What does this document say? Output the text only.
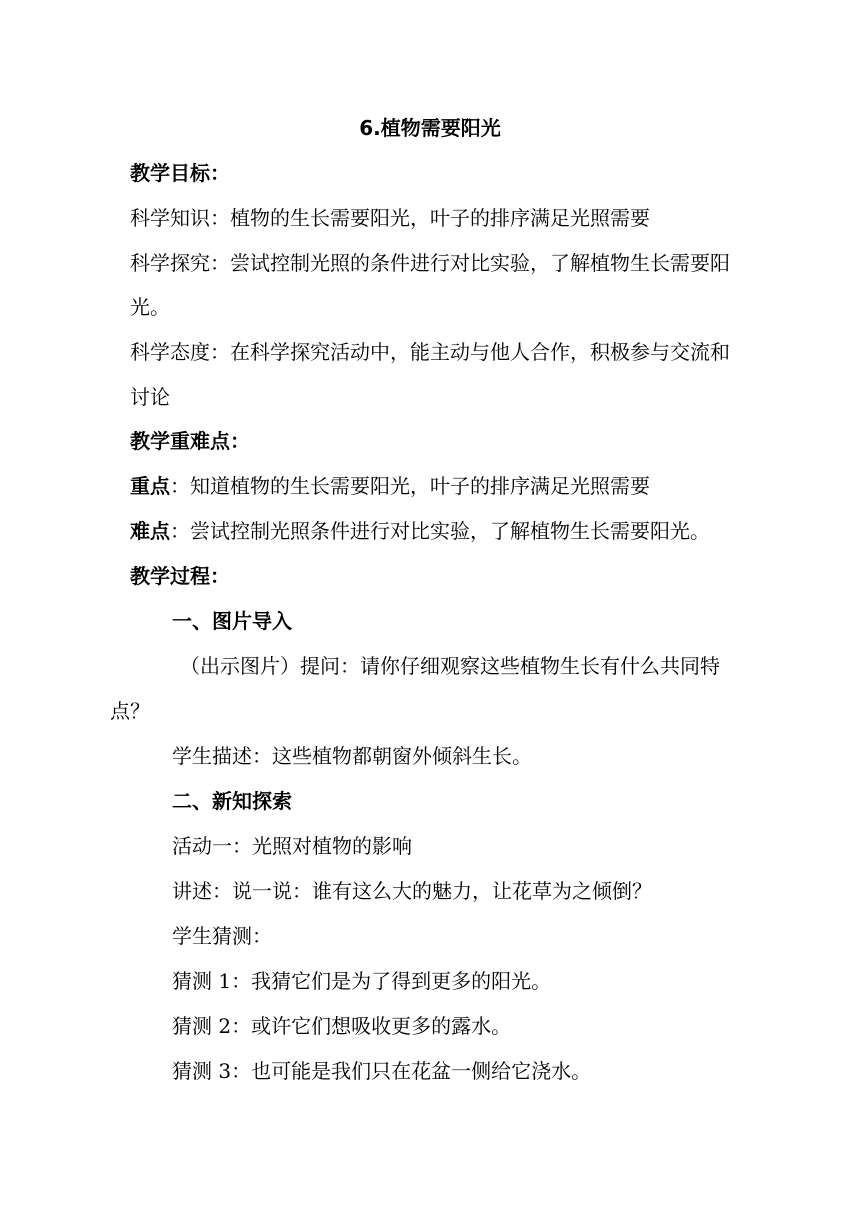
6.植物需要阳光
教学目标：
科学知识：植物的生长需要阳光，叶子的排序满足光照需要
科学探究：尝试控制光照的条件进行对比实验，了解植物生长需要阳
光。
科学态度：在科学探究活动中，能主动与他人合作，积极参与交流和
讨论
教学重难点：
重点：知道植物的生长需要阳光，叶子的排序满足光照需要
难点：尝试控制光照条件进行对比实验，了解植物生长需要阳光。
教学过程：
一、图片导入
（出示图片）提问：请你仔细观察这些植物生长有什么共同特
点？
学生描述：这些植物都朝窗外倾斜生长。
二、新知探索
活动一：光照对植物的影响
讲述：说一说：谁有这么大的魅力，让花草为之倾倒？
学生猜测：
猜测 1：我猜它们是为了得到更多的阳光。
猜测 2：或许它们想吸收更多的露水。
猜测 3：也可能是我们只在花盆一侧给它浇水。
